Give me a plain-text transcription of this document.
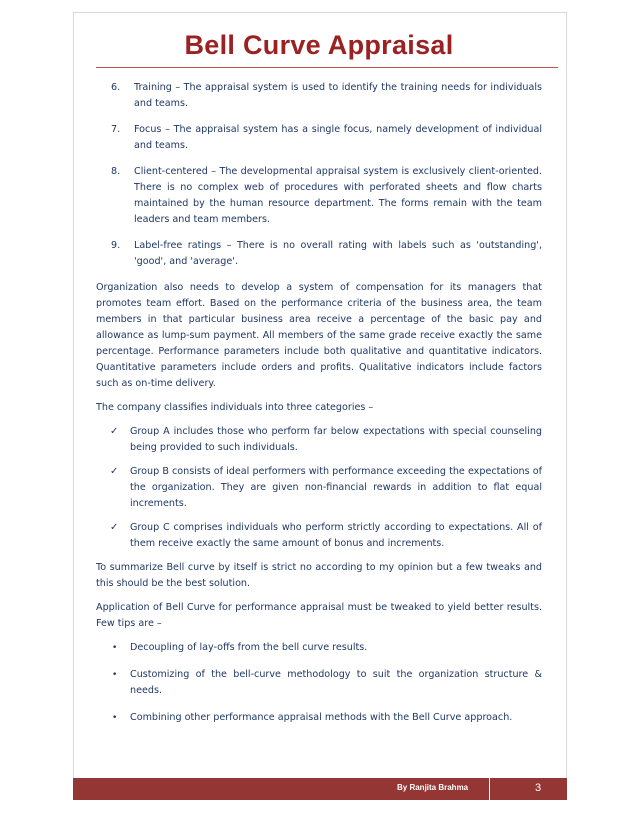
Bell Curve Appraisal
6. Training – The appraisal system is used to identify the training needs for individuals and teams.
7. Focus – The appraisal system has a single focus, namely development of individual and teams.
8. Client-centered – The developmental appraisal system is exclusively client-oriented. There is no complex web of procedures with perforated sheets and flow charts maintained by the human resource department. The forms remain with the team leaders and team members.
9. Label-free ratings – There is no overall rating with labels such as 'outstanding', 'good', and 'average'.

Organization also needs to develop a system of compensation for its managers that promotes team effort. Based on the performance criteria of the business area, the team members in that particular business area receive a percentage of the basic pay and allowance as lump-sum payment. All members of the same grade receive exactly the same percentage. Performance parameters include both qualitative and quantitative indicators. Quantitative parameters include orders and profits. Qualitative indicators include factors such as on-time delivery.

The company classifies individuals into three categories –

✓ Group A includes those who perform far below expectations with special counseling being provided to such individuals.
✓ Group B consists of ideal performers with performance exceeding the expectations of the organization. They are given non-financial rewards in addition to flat equal increments.
✓ Group C comprises individuals who perform strictly according to expectations. All of them receive exactly the same amount of bonus and increments.

To summarize Bell curve by itself is strict no according to my opinion but a few tweaks and this should be the best solution.

Application of Bell Curve for performance appraisal must be tweaked to yield better results. Few tips are –

• Decoupling of lay-offs from the bell curve results.
• Customizing of the bell-curve methodology to suit the organization structure & needs.
• Combining other performance appraisal methods with the Bell Curve approach.
By Ranjita Brahma	3
